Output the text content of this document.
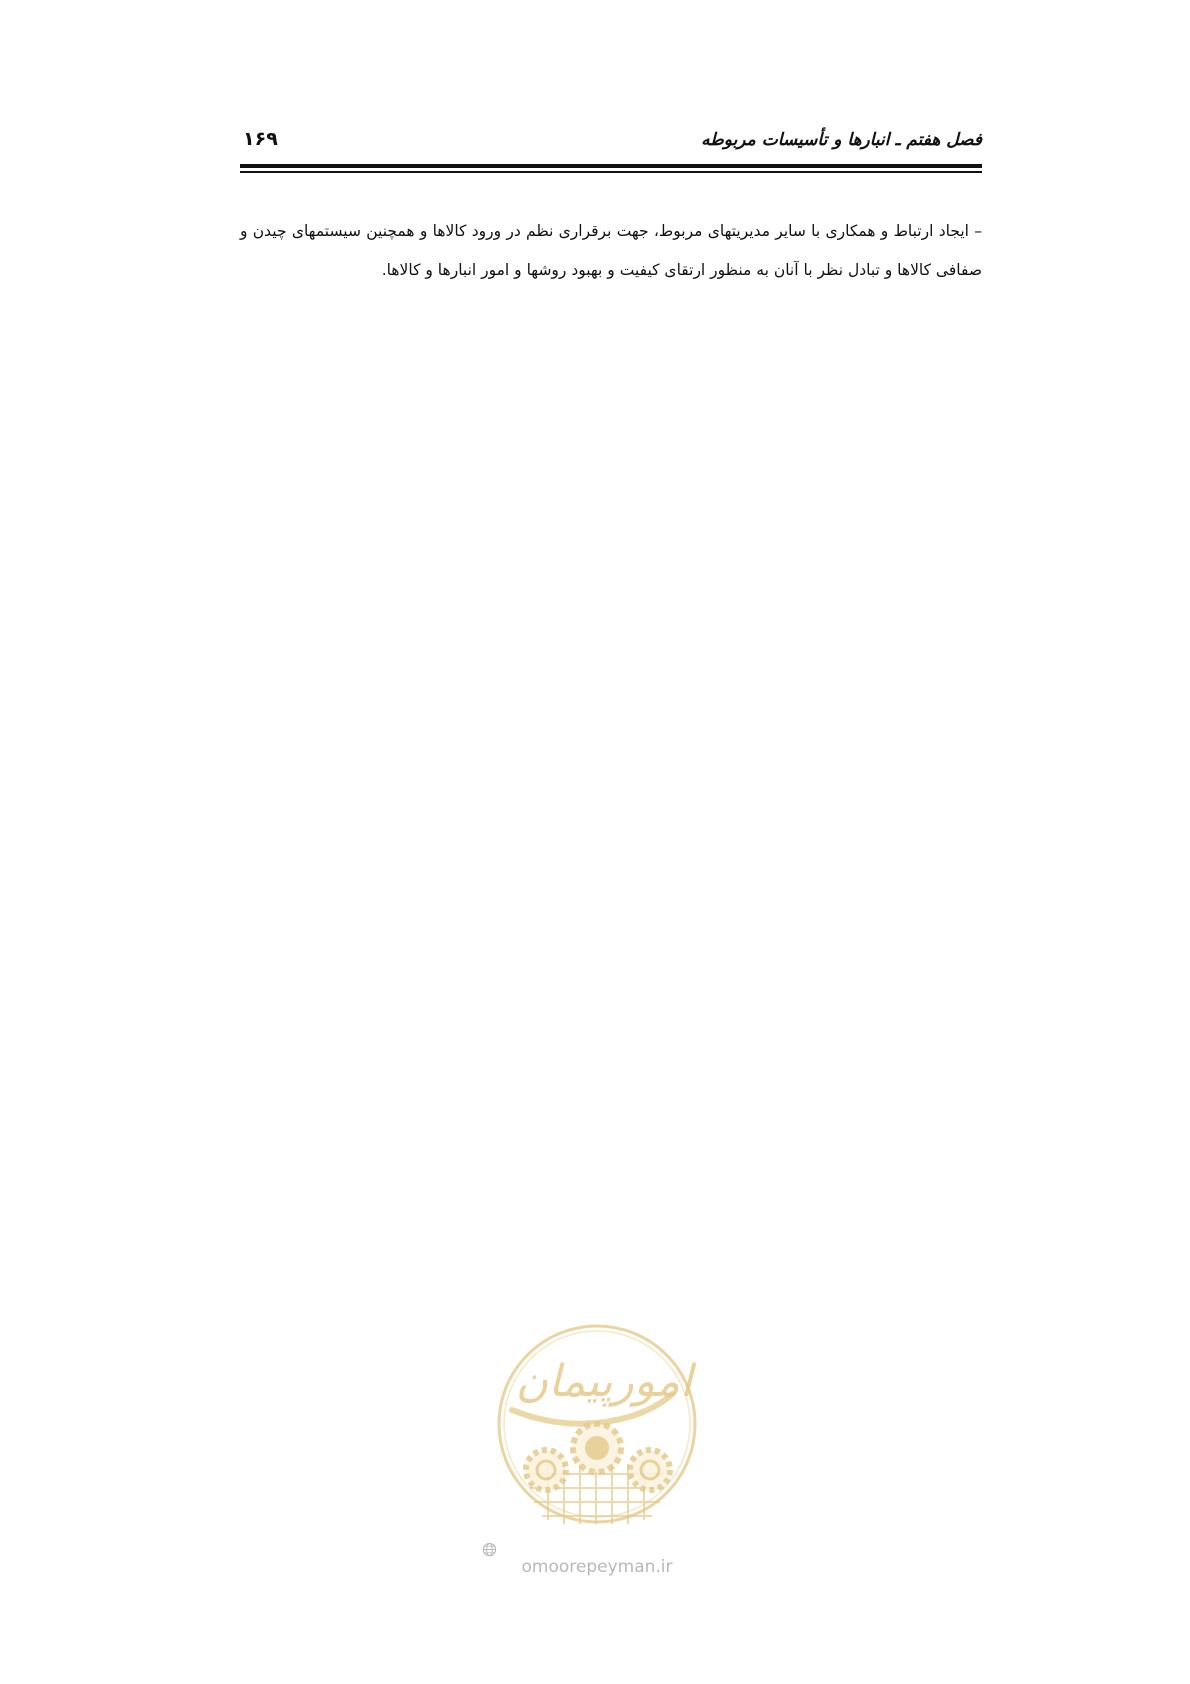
فصل هفتم ـ انبارها و تأسیسات مربوطه
۱۶۹

– ایجاد ارتباط و همکاری با سایر مدیریتهای مربوط، جهت برقراری نظم در ورود کالاها و همچنین سیستمهای چیدن و صفافی کالاها و تبادل نظر با آنان به منظور ارتقای کیفیت و بهبود روشها و امور انبارها و کالاها.

امورپیمان
omoorepeyman.ir
